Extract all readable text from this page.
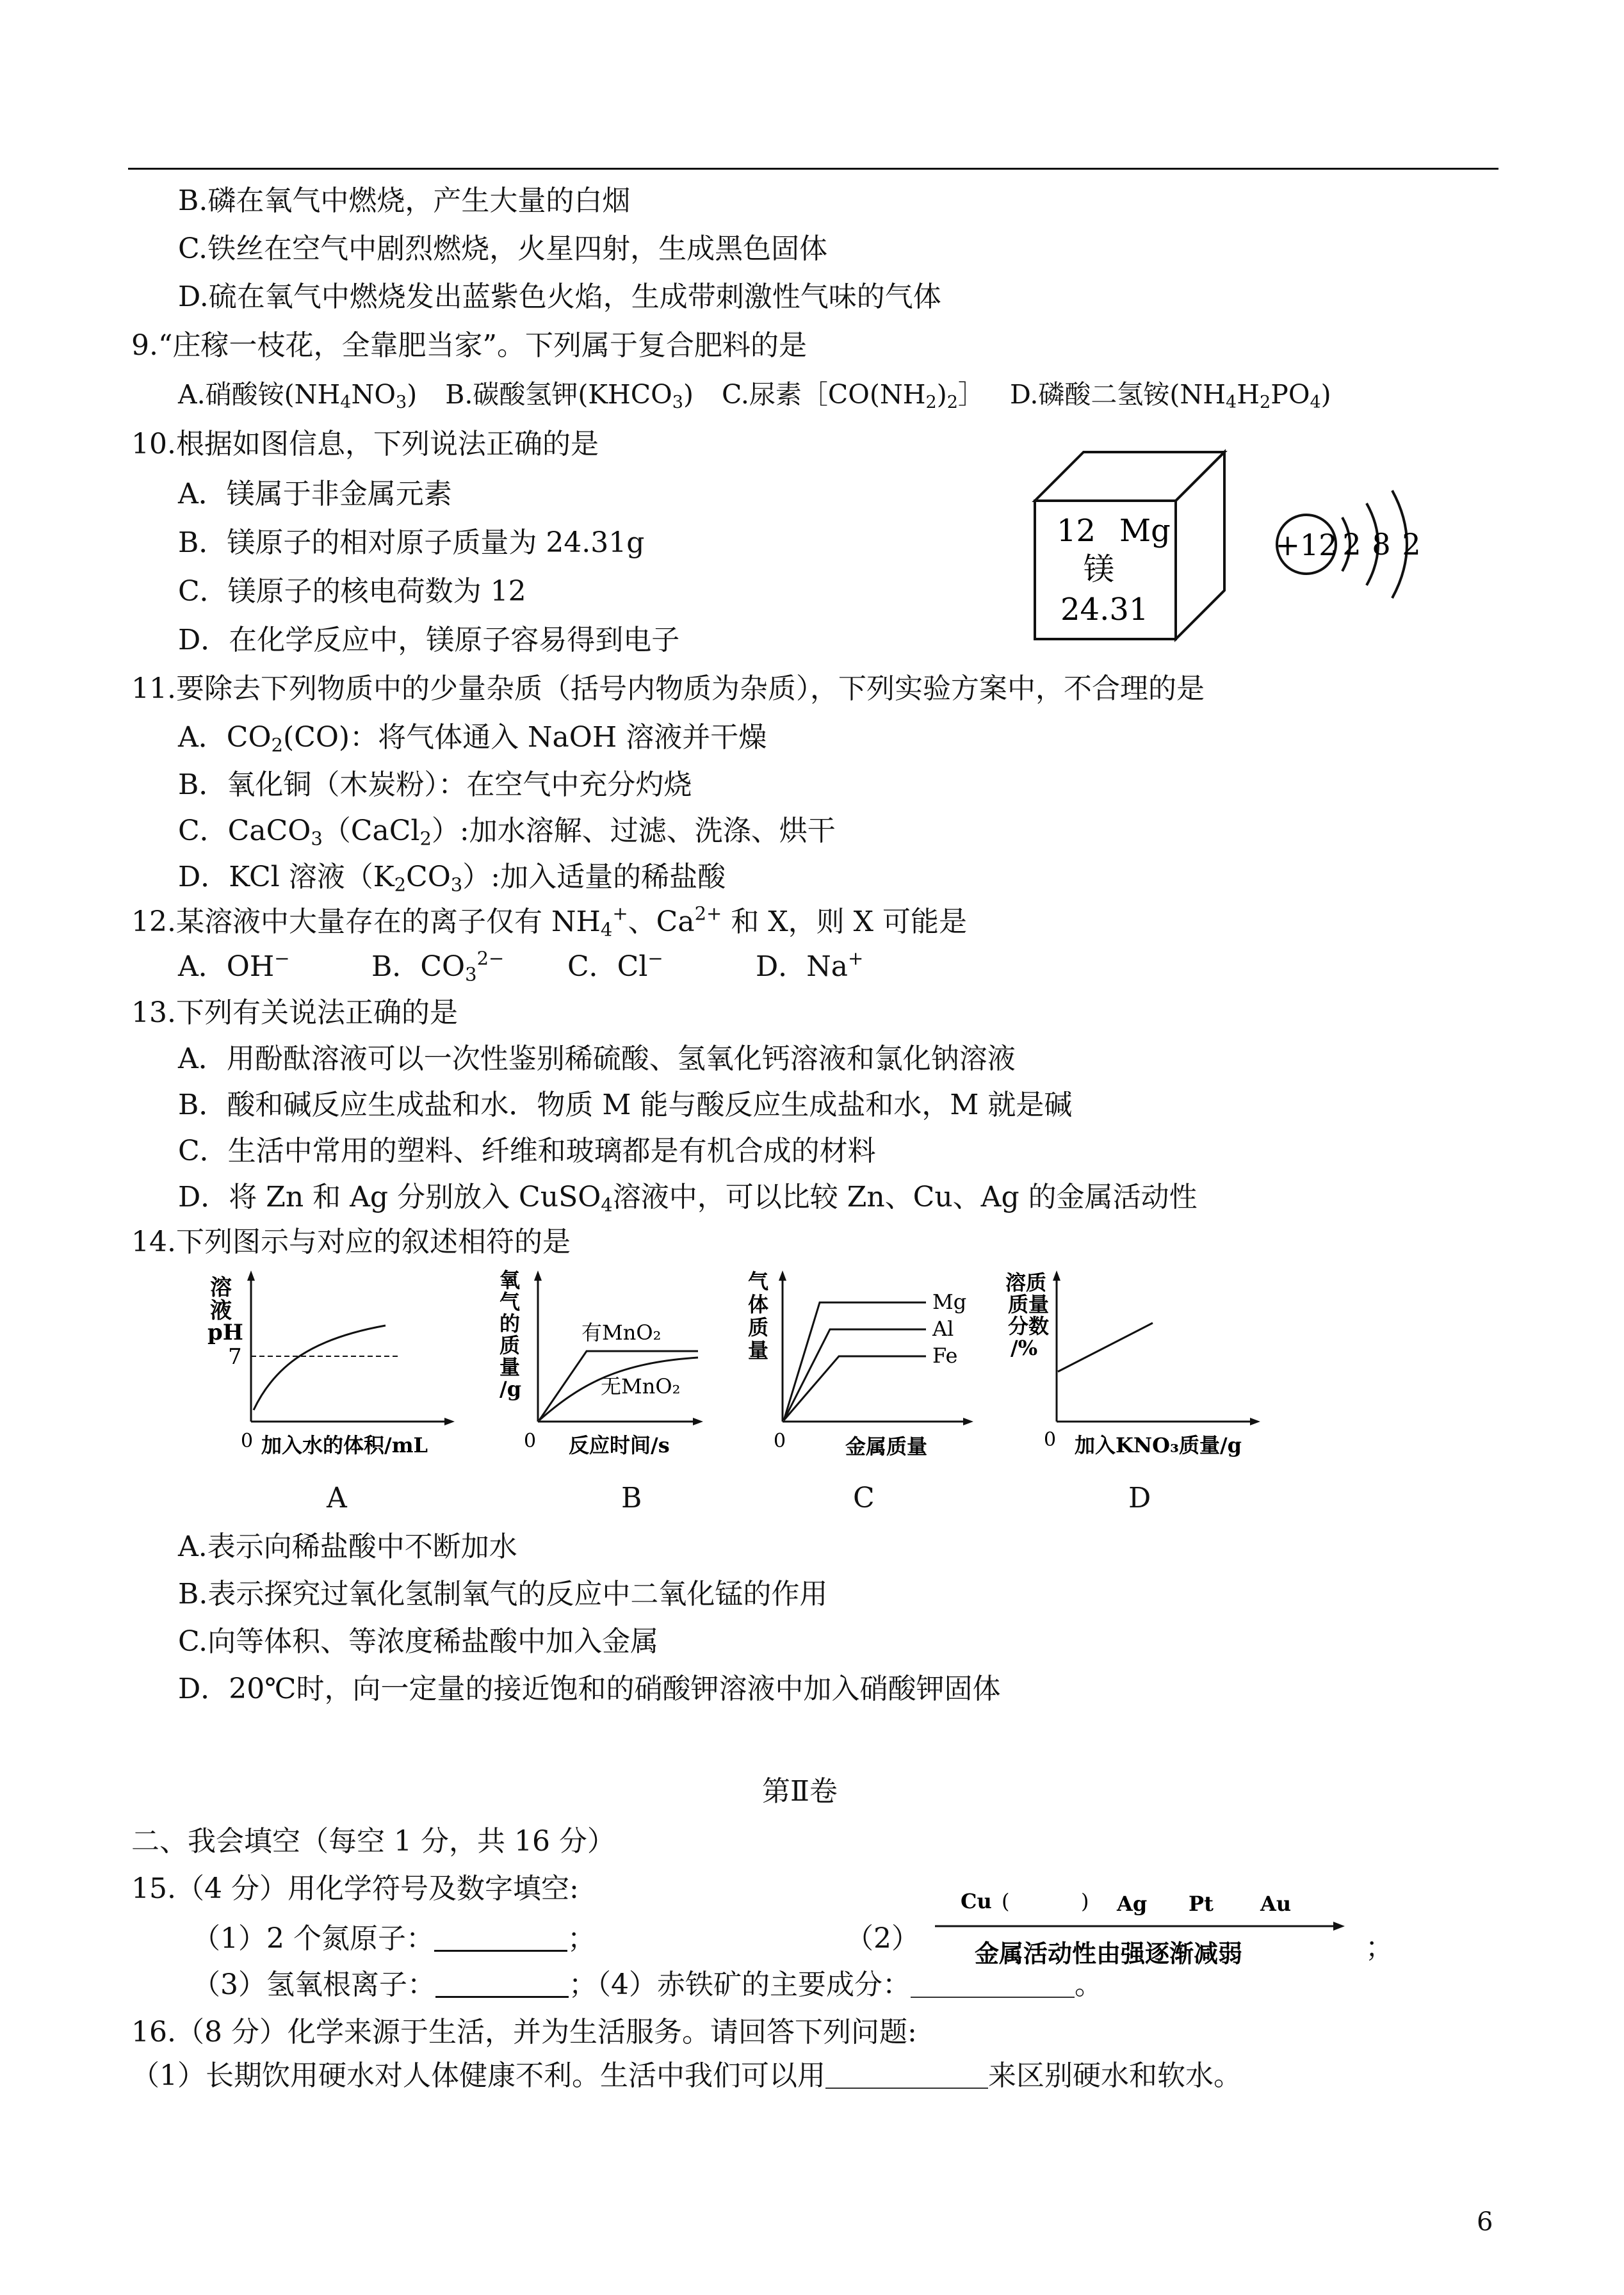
B.磷在氧气中燃烧，产生大量的白烟
C.铁丝在空气中剧烈燃烧，火星四射，生成黑色固体
D.硫在氧气中燃烧发出蓝紫色火焰，生成带刺激性气味的气体
9.“庄稼一枝花，全靠肥当家”。下列属于复合肥料的是
A.硝酸铵$(NH_4NO_3)$ B.碳酸氢钾$(KHCO_3)$ C.尿素$[CO(NH_2)_2]$ D.磷酸二氢铵$(NH_4H_2PO_4)$
10.根据如图信息，下列说法正确的是
A．镁属于非金属元素
B．镁原子的相对原子质量为 24.31g
C．镁原子的核电荷数为 12
D．在化学反应中，镁原子容易得到电子
12 Mg
镁
24.31
+12 2 8 2
11.要除去下列物质中的少量杂质（括号内物质为杂质），下列实验方案中，不合理的是
A．$CO_2(CO)$：将气体通入 NaOH 溶液并干燥
B．氧化铜（木炭粉）：在空气中充分灼烧
C．CaCO$_3$（CaCl$_2$）:加水溶解、过滤、洗涤、烘干
D．KCl 溶液$(K_2CO_3)$:加入适量的稀盐酸
12.某溶液中大量存在的离子仅有 $NH_4^+$、$Ca^{2+}$ 和 X，则 X 可能是
A．OH−	B．$CO_3^{2-}$ C．Cl−	D．Na+
13.下列有关说法正确的是
A．用酚酞溶液可以一次性鉴别稀硫酸、氢氧化钙溶液和氯化钠溶液
B．酸和碱反应生成盐和水．物质 M 能与酸反应生成盐和水，M 就是碱
C．生活中常用的塑料、纤维和玻璃都是有机合成的材料
D．将 Zn 和 Ag 分别放入 CuSO$_4$溶液中，可以比较 Zn、Cu、Ag 的金属活动性
14.下列图示与对应的叙述相符的是
溶
液
pH
7
0 加入水的体积/mL
A
氧
气
的
质
量
/g
有MnO₂
无MnO₂
0 反应时间/s
B
气
体
质
量
Mg
Al
Fe
0	金属质量
C
溶质
质量
分数
/%
0 加入KNO₃质量/g
D
A.表示向稀盐酸中不断加水
B.表示探究过氧化氢制氧气的反应中二氧化锰的作用
C.向等体积、等浓度稀盐酸中加入金属
D．20℃时，向一定量的接近饱和的硝酸钾溶液中加入硝酸钾固体
第Ⅱ卷
二、我会填空（每空 1 分，共 16 分）
15.（4 分）用化学符号及数字填空:
（1）2 个氮原子：	；	（2）
Cu (	) Ag Pt Au
金属活动性由强逐渐减弱	；
（3）氢氧根离子：	；（4）赤铁矿的主要成分：	。
16.（8 分）化学来源于生活，并为生活服务。请回答下列问题:
（1）长期饮用硬水对人体健康不利。生活中我们可以用	来区别硬水和软水。
6
